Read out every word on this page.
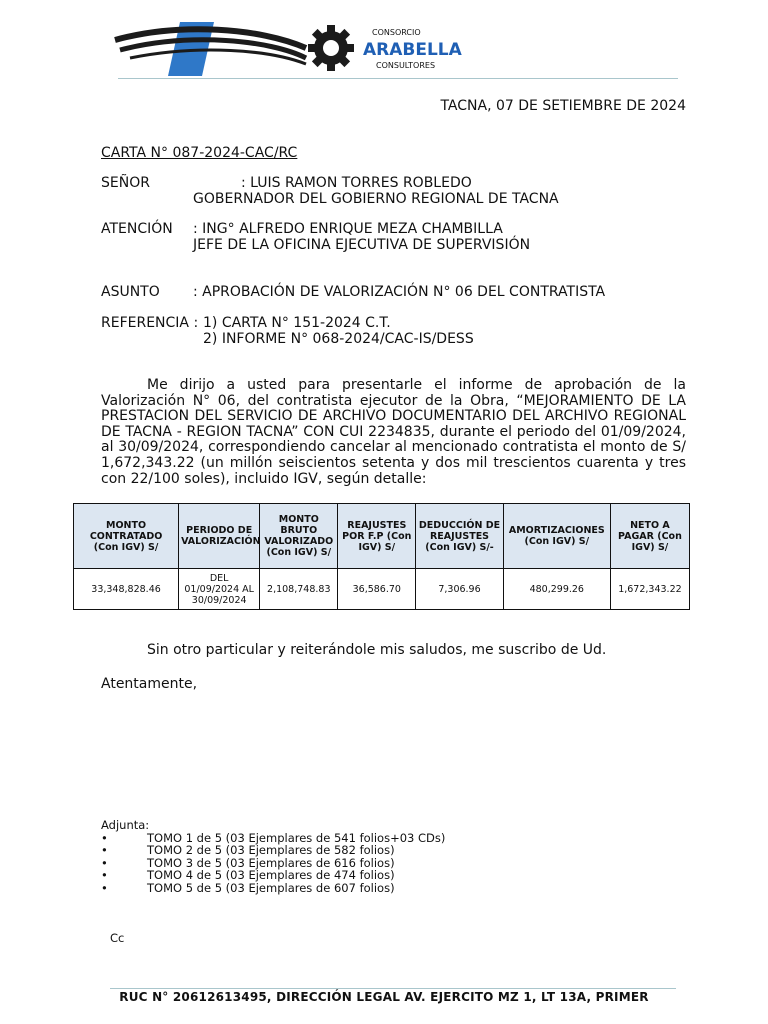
CONSORCIO
ARABELLA
CONSULTORES
TACNA, 07 DE SETIEMBRE DE 2024
CARTA N° 087-2024-CAC/RC
SEÑOR	: LUIS RAMON TORRES ROBLEDO
GOBERNADOR DEL GOBIERNO REGIONAL DE TACNA
ATENCIÓN : ING° ALFREDO ENRIQUE MEZA CHAMBILLA
JEFE DE LA OFICINA EJECUTIVA DE SUPERVISIÓN
ASUNTO : APROBACIÓN DE VALORIZACIÓN N° 06 DEL CONTRATISTA
REFERENCIA : 1) CARTA N° 151-2024 C.T.
2) INFORME N° 068-2024/CAC-IS/DESS
Me dirijo a usted para presentarle el informe de aprobación de la Valorización N° 06, del contratista ejecutor de la Obra, “MEJORAMIENTO DE LA PRESTACION DEL SERVICIO DE ARCHIVO DOCUMENTARIO DEL ARCHIVO REGIONAL DE TACNA - REGION TACNA” CON CUI 2234835, durante el periodo del 01/09/2024, al 30/09/2024, correspondiendo cancelar al mencionado contratista el monto de S/ 1,672,343.22 (un millón seiscientos setenta y dos mil trescientos cuarenta y tres con 22/100 soles), incluido IGV, según detalle:
MONTO CONTRATADO (Con IGV) S/	PERIODO DE VALORIZACIÓN	MONTO BRUTO VALORIZADO (Con IGV) S/	REAJUSTES POR F.P (Con IGV) S/	DEDUCCIÓN DE REAJUSTES (Con IGV) S/-	AMORTIZACIONES (Con IGV) S/	NETO A PAGAR (Con IGV) S/
33,348,828.46	DEL 01/09/2024 AL 30/09/2024	2,108,748.83	36,586.70	7,306.96	480,299.26	1,672,343.22
Sin otro particular y reiterándole mis saludos, me suscribo de Ud.
Atentamente,
Adjunta:
•	TOMO 1 de 5 (03 Ejemplares de 541 folios+03 CDs)
•	TOMO 2 de 5 (03 Ejemplares de 582 folios)
•	TOMO 3 de 5 (03 Ejemplares de 616 folios)
•	TOMO 4 de 5 (03 Ejemplares de 474 folios)
•	TOMO 5 de 5 (03 Ejemplares de 607 folios)
Cc
RUC N° 20612613495, DIRECCIÓN LEGAL AV. EJERCITO MZ 1, LT 13A, PRIMER
